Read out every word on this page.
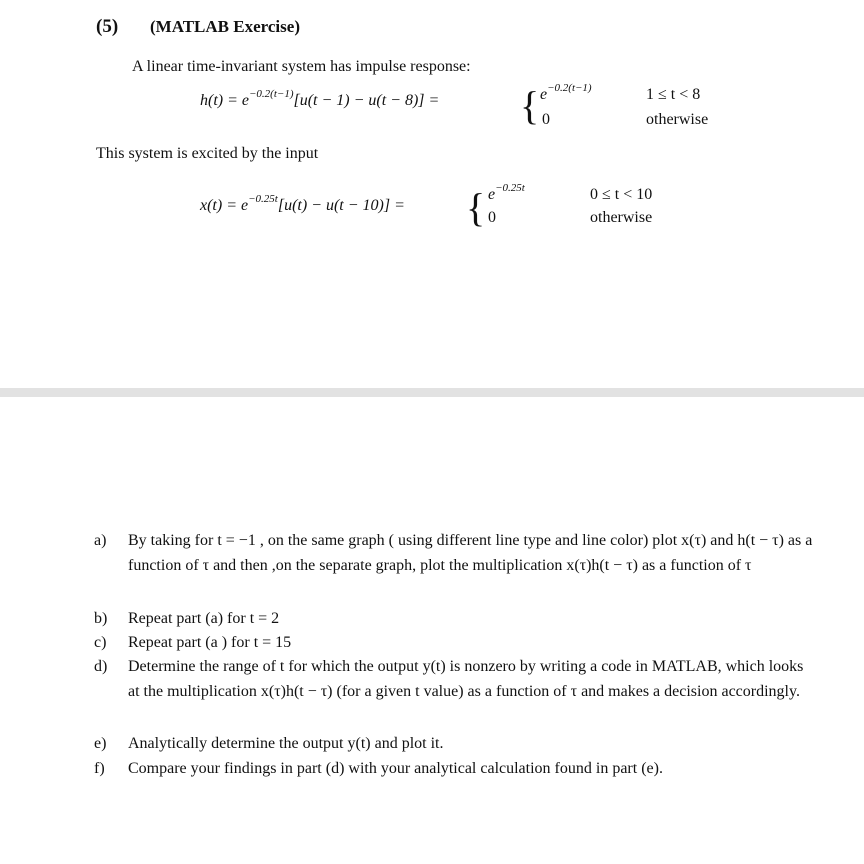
(5) (MATLAB Exercise)
A linear time-invariant system has impulse response:
$h(t) = e^{-0.2(t-1)}[u(t - 1) - u(t - 8)]$ = { $e^{-0.2(t-1)}$	1 ≤ t < 8
0	otherwise
This system is excited by the input
$x(t) = e^{-0.25t}[u(t) - u(t - 10)]$ = { $e^{-0.25t}$	0 ≤ t < 10
0	otherwise
a) By taking for t = −1 , on the same graph ( using different line type and line color) plot x(τ) and h(t − τ) as a function of τ and then ,on the separate graph, plot the multiplication x(τ)h(t − τ) as a function of τ
b) Repeat part (a) for t = 2
c) Repeat part (a ) for t = 15
d) Determine the range of t for which the output y(t) is nonzero by writing a code in MATLAB, which looks at the multiplication x(τ)h(t − τ) (for a given t value) as a function of τ and makes a decision accordingly.
e) Analytically determine the output y(t) and plot it.
f) Compare your findings in part (d) with your analytical calculation found in part (e).
